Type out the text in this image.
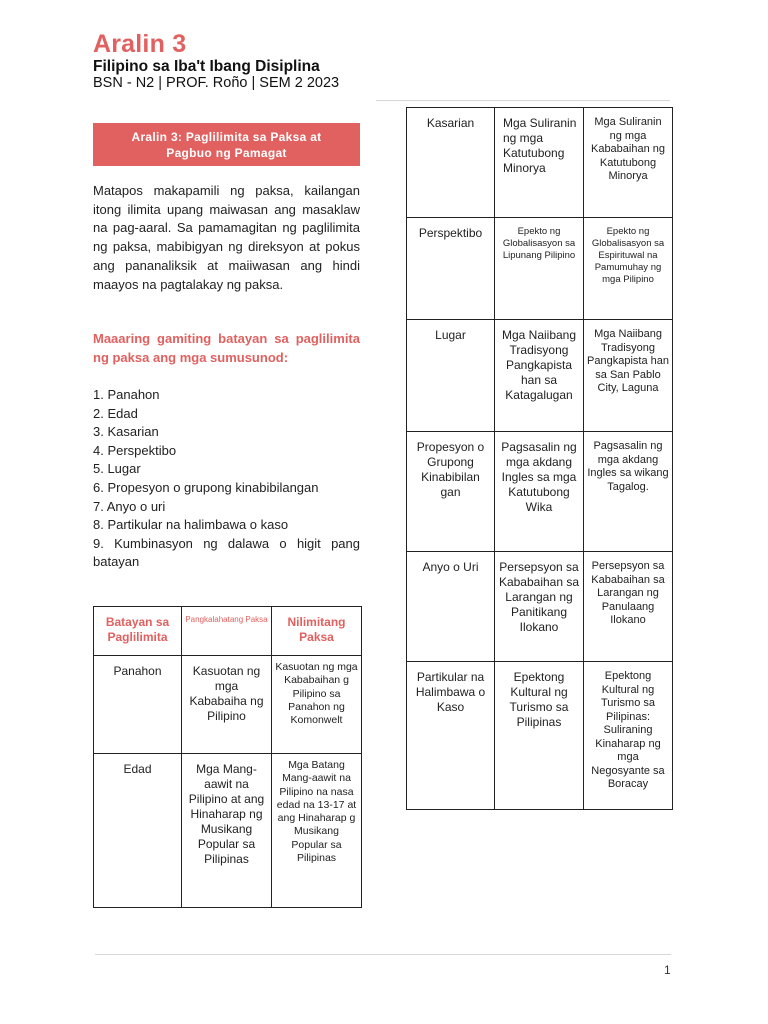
Aralin 3
Filipino sa Iba't Ibang Disiplina
BSN - N2 | PROF. Roño | SEM 2 2023
Aralin 3: Paglilimita sa Paksa at Pagbuo ng Pamagat
Matapos makapamili ng paksa, kailangan itong ilimita upang maiwasan ang masaklaw na pag-aaral. Sa pamamagitan ng paglilimita ng paksa, mabibigyan ng direksyon at pokus ang pananaliksik at maiiwasan ang hindi maayos na pagtalakay ng paksa.
Maaaring gamiting batayan sa paglilimita ng paksa ang mga sumusunod:
1. Panahon
2. Edad
3. Kasarian
4. Perspektibo
5. Lugar
6. Propesyon o grupong kinabibilangan
7. Anyo o uri
8. Partikular na halimbawa o kaso
9. Kumbinasyon ng dalawa o higit pang batayan
Batayan sa Paglilimita	Pangkalahatang Paksa	Nilimitang Paksa
Panahon	Kasuotan ng mga Kababaiha ng Pilipino	Kasuotan ng mga Kababaihan g Pilipino sa Panahon ng Komonwelt
Edad	Mga Mang-aawit na Pilipino at ang Hinaharap ng Musikang Popular sa Pilipinas	Mga Batang Mang-aawit na Pilipino na nasa edad na 13-17 at ang Hinaharap g Musikang Popular sa Pilipinas
Kasarian	Mga Suliranin ng mga Katutubong Minorya	Mga Suliranin ng mga Kababaihan ng Katutubong Minorya
Perspektibo	Epekto ng Globalisasyon sa Lipunang Pilipino	Epekto ng Globalisasyon sa Espirituwal na Pamumuhay ng mga Pilipino
Lugar	Mga Naiibang Tradisyong Pangkapista han sa Katagalugan	Mga Naiibang Tradisyong Pangkapista han sa San Pablo City, Laguna
Propesyon o Grupong Kinabibilan gan	Pagsasalin ng mga akdang Ingles sa mga Katutubong Wika	Pagsasalin ng mga akdang Ingles sa wikang Tagalog.
Anyo o Uri	Persepsyon sa Kababaihan sa Larangan ng Panitikang Ilokano	Persepsyon sa Kababaihan sa Larangan ng Panulaang Ilokano
Partikular na Halimbawa o Kaso	Epektong Kultural ng Turismo sa Pilipinas	Epektong Kultural ng Turismo sa Pilipinas: Suliraning Kinaharap ng mga Negosyante sa Boracay
1
